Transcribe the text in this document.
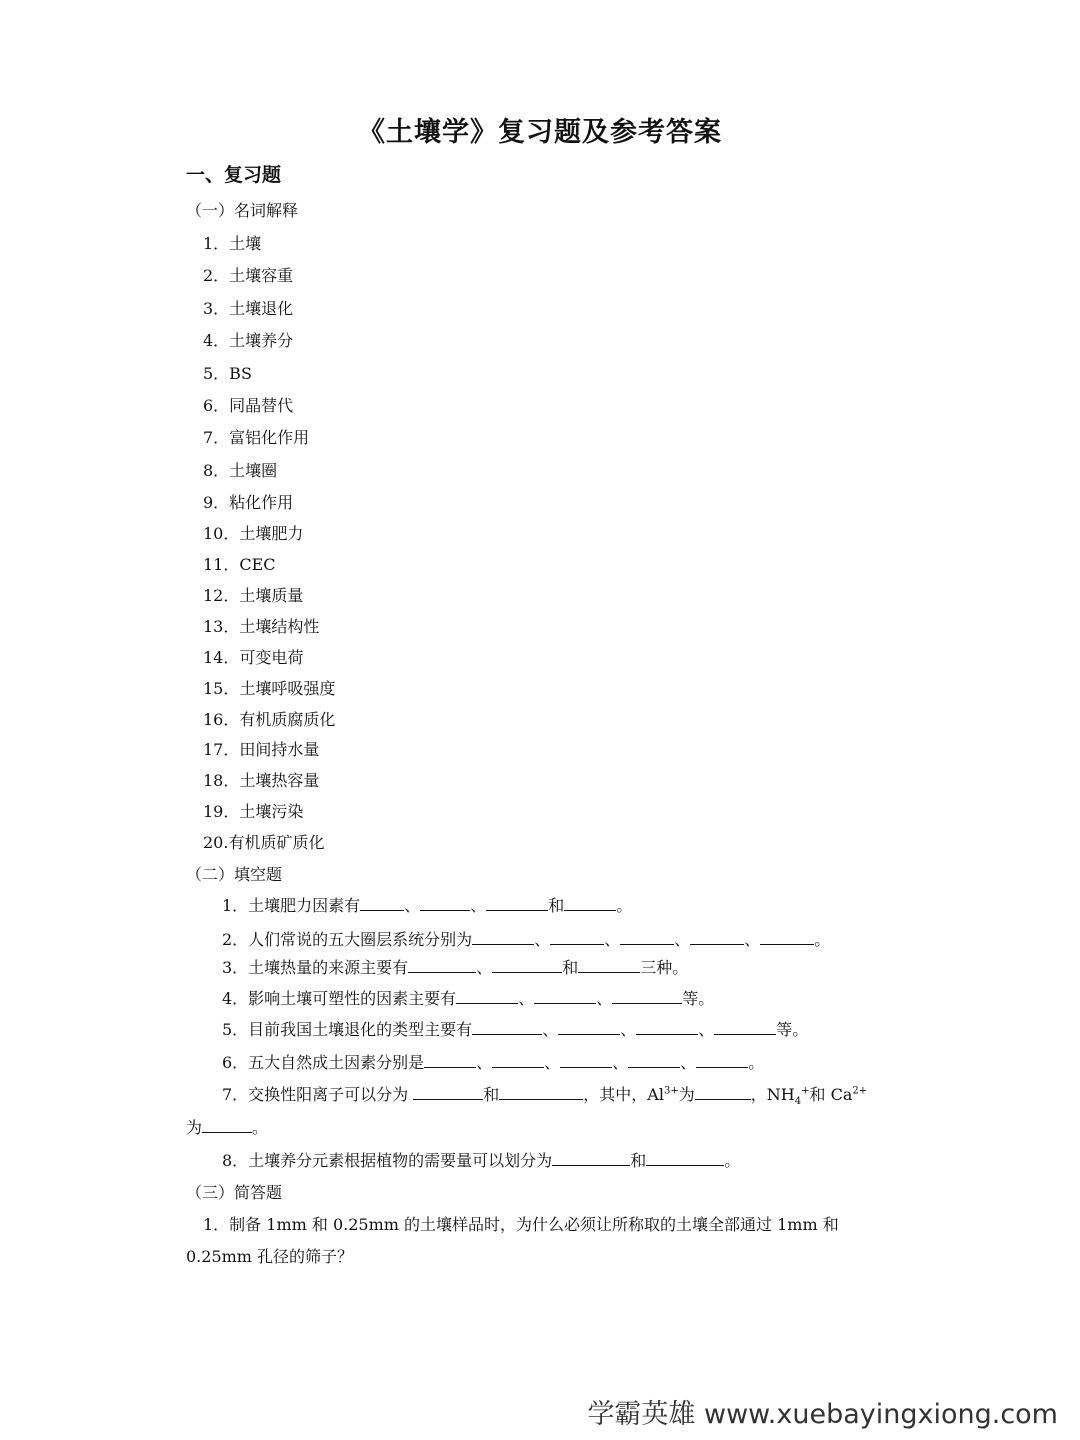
《土壤学》复习题及参考答案
一、复习题
（一）名词解释
1．土壤
2．土壤容重
3．土壤退化
4．土壤养分
5．BS
6．同晶替代
7．富铝化作用
8．土壤圈
9．粘化作用
10．土壤肥力
11．CEC
12．土壤质量
13．土壤结构性
14．可变电荷
15．土壤呼吸强度
16．有机质腐质化
17．田间持水量
18．土壤热容量
19．土壤污染
20.有机质矿质化
（二）填空题
1．土壤肥力因素有	、	、	和	。
2．人们常说的五大圈层系统分别为	、	、	、	、	。
3．土壤热量的来源主要有	、	和	三种。
4．影响土壤可塑性的因素主要有	、	、	等。
5．目前我国土壤退化的类型主要有	、	、	、	等。
6．五大自然成土因素分别是	、	、	、	、	。
7．交换性阳离子可以分为	和	，其中，$Al^{3+}$为	，$NH_4^+$和 $Ca^{2+}$
为	。
8．土壤养分元素根据植物的需要量可以划分为	和	。
（三）简答题
1．制备 1mm 和 0.25mm 的土壤样品时，为什么必须让所称取的土壤全部通过 1mm 和
0.25mm 孔径的筛子？
学霸英雄 www.xuebayingxiong.com
